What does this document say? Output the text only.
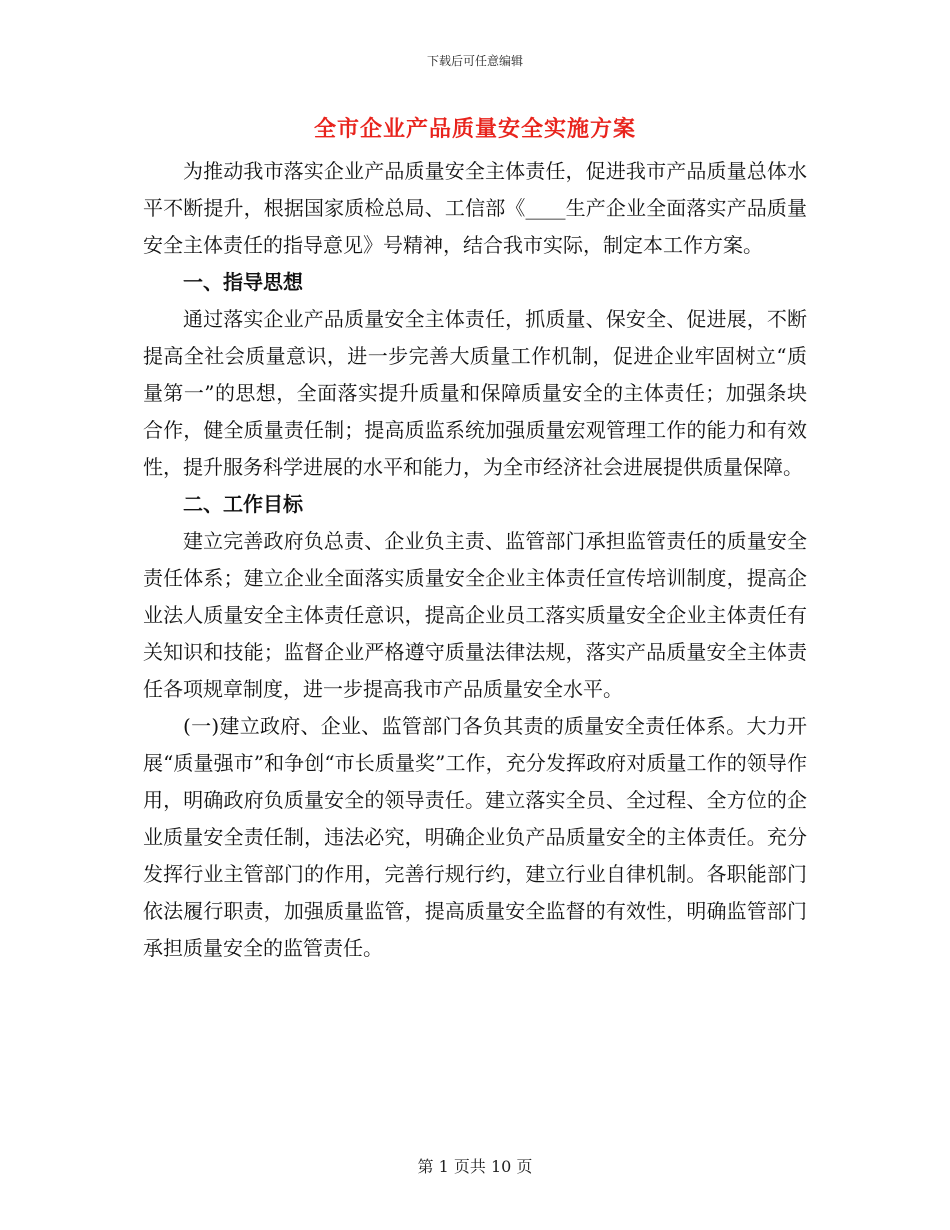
下载后可任意编辑
全市企业产品质量安全实施方案

为推动我市落实企业产品质量安全主体责任，促进我市产品质量总体水平不断提升，根据国家质检总局、工信部《____生产企业全面落实产品质量安全主体责任的指导意见》号精神，结合我市实际，制定本工作方案。

一、指导思想

通过落实企业产品质量安全主体责任，抓质量、保安全、促进展，不断提高全社会质量意识，进一步完善大质量工作机制，促进企业牢固树立“质量第一”的思想，全面落实提升质量和保障质量安全的主体责任；加强条块合作，健全质量责任制；提高质监系统加强质量宏观管理工作的能力和有效性，提升服务科学进展的水平和能力，为全市经济社会进展提供质量保障。

二、工作目标

建立完善政府负总责、企业负主责、监管部门承担监管责任的质量安全责任体系；建立企业全面落实质量安全企业主体责任宣传培训制度，提高企业法人质量安全主体责任意识，提高企业员工落实质量安全企业主体责任有关知识和技能；监督企业严格遵守质量法律法规，落实产品质量安全主体责任各项规章制度，进一步提高我市产品质量安全水平。

(一)建立政府、企业、监管部门各负其责的质量安全责任体系。大力开展“质量强市”和争创“市长质量奖”工作，充分发挥政府对质量工作的领导作用，明确政府负质量安全的领导责任。建立落实全员、全过程、全方位的企业质量安全责任制，违法必究，明确企业负产品质量安全的主体责任。充分发挥行业主管部门的作用，完善行规行约，建立行业自律机制。各职能部门依法履行职责，加强质量监管，提高质量安全监督的有效性，明确监管部门承担质量安全的监管责任。

第 1 页共 10 页
